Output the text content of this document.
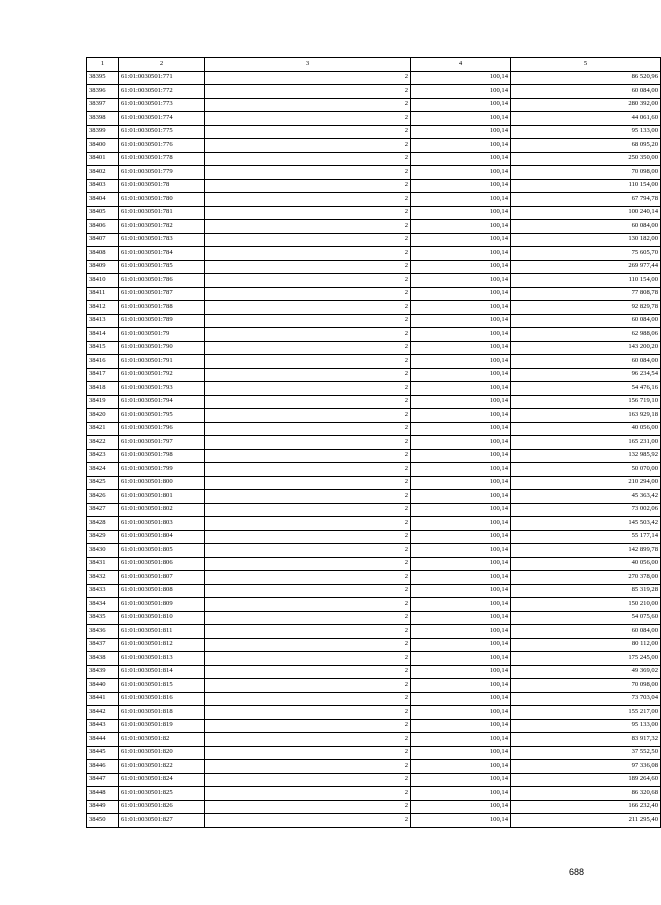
1	2	3	4	5
38395	61:01:0030501:771	2	100,14	86 520,96
38396	61:01:0030501:772	2	100,14	60 084,00
38397	61:01:0030501:773	2	100,14	280 392,00
38398	61:01:0030501:774	2	100,14	44 061,60
38399	61:01:0030501:775	2	100,14	95 133,00
38400	61:01:0030501:776	2	100,14	68 095,20
38401	61:01:0030501:778	2	100,14	250 350,00
38402	61:01:0030501:779	2	100,14	70 098,00
38403	61:01:0030501:78	2	100,14	110 154,00
38404	61:01:0030501:780	2	100,14	67 794,78
38405	61:01:0030501:781	2	100,14	100 240,14
38406	61:01:0030501:782	2	100,14	60 084,00
38407	61:01:0030501:783	2	100,14	130 182,00
38408	61:01:0030501:784	2	100,14	75 605,70
38409	61:01:0030501:785	2	100,14	269 977,44
38410	61:01:0030501:786	2	100,14	110 154,00
38411	61:01:0030501:787	2	100,14	77 808,78
38412	61:01:0030501:788	2	100,14	92 829,78
38413	61:01:0030501:789	2	100,14	60 084,00
38414	61:01:0030501:79	2	100,14	62 988,06
38415	61:01:0030501:790	2	100,14	143 200,20
38416	61:01:0030501:791	2	100,14	60 084,00
38417	61:01:0030501:792	2	100,14	96 234,54
38418	61:01:0030501:793	2	100,14	54 476,16
38419	61:01:0030501:794	2	100,14	156 719,10
38420	61:01:0030501:795	2	100,14	163 929,18
38421	61:01:0030501:796	2	100,14	40 056,00
38422	61:01:0030501:797	2	100,14	165 231,00
38423	61:01:0030501:798	2	100,14	132 985,92
38424	61:01:0030501:799	2	100,14	50 070,00
38425	61:01:0030501:800	2	100,14	210 294,00
38426	61:01:0030501:801	2	100,14	45 363,42
38427	61:01:0030501:802	2	100,14	73 002,06
38428	61:01:0030501:803	2	100,14	145 503,42
38429	61:01:0030501:804	2	100,14	55 177,14
38430	61:01:0030501:805	2	100,14	142 899,78
38431	61:01:0030501:806	2	100,14	40 056,00
38432	61:01:0030501:807	2	100,14	270 378,00
38433	61:01:0030501:808	2	100,14	85 319,28
38434	61:01:0030501:809	2	100,14	150 210,00
38435	61:01:0030501:810	2	100,14	54 075,60
38436	61:01:0030501:811	2	100,14	60 084,00
38437	61:01:0030501:812	2	100,14	80 112,00
38438	61:01:0030501:813	2	100,14	175 245,00
38439	61:01:0030501:814	2	100,14	49 369,02
38440	61:01:0030501:815	2	100,14	70 098,00
38441	61:01:0030501:816	2	100,14	73 703,04
38442	61:01:0030501:818	2	100,14	155 217,00
38443	61:01:0030501:819	2	100,14	95 133,00
38444	61:01:0030501:82	2	100,14	83 917,32
38445	61:01:0030501:820	2	100,14	37 552,50
38446	61:01:0030501:822	2	100,14	97 336,08
38447	61:01:0030501:824	2	100,14	189 264,60
38448	61:01:0030501:825	2	100,14	86 320,68
38449	61:01:0030501:826	2	100,14	166 232,40
38450	61:01:0030501:827	2	100,14	211 295,40
688
